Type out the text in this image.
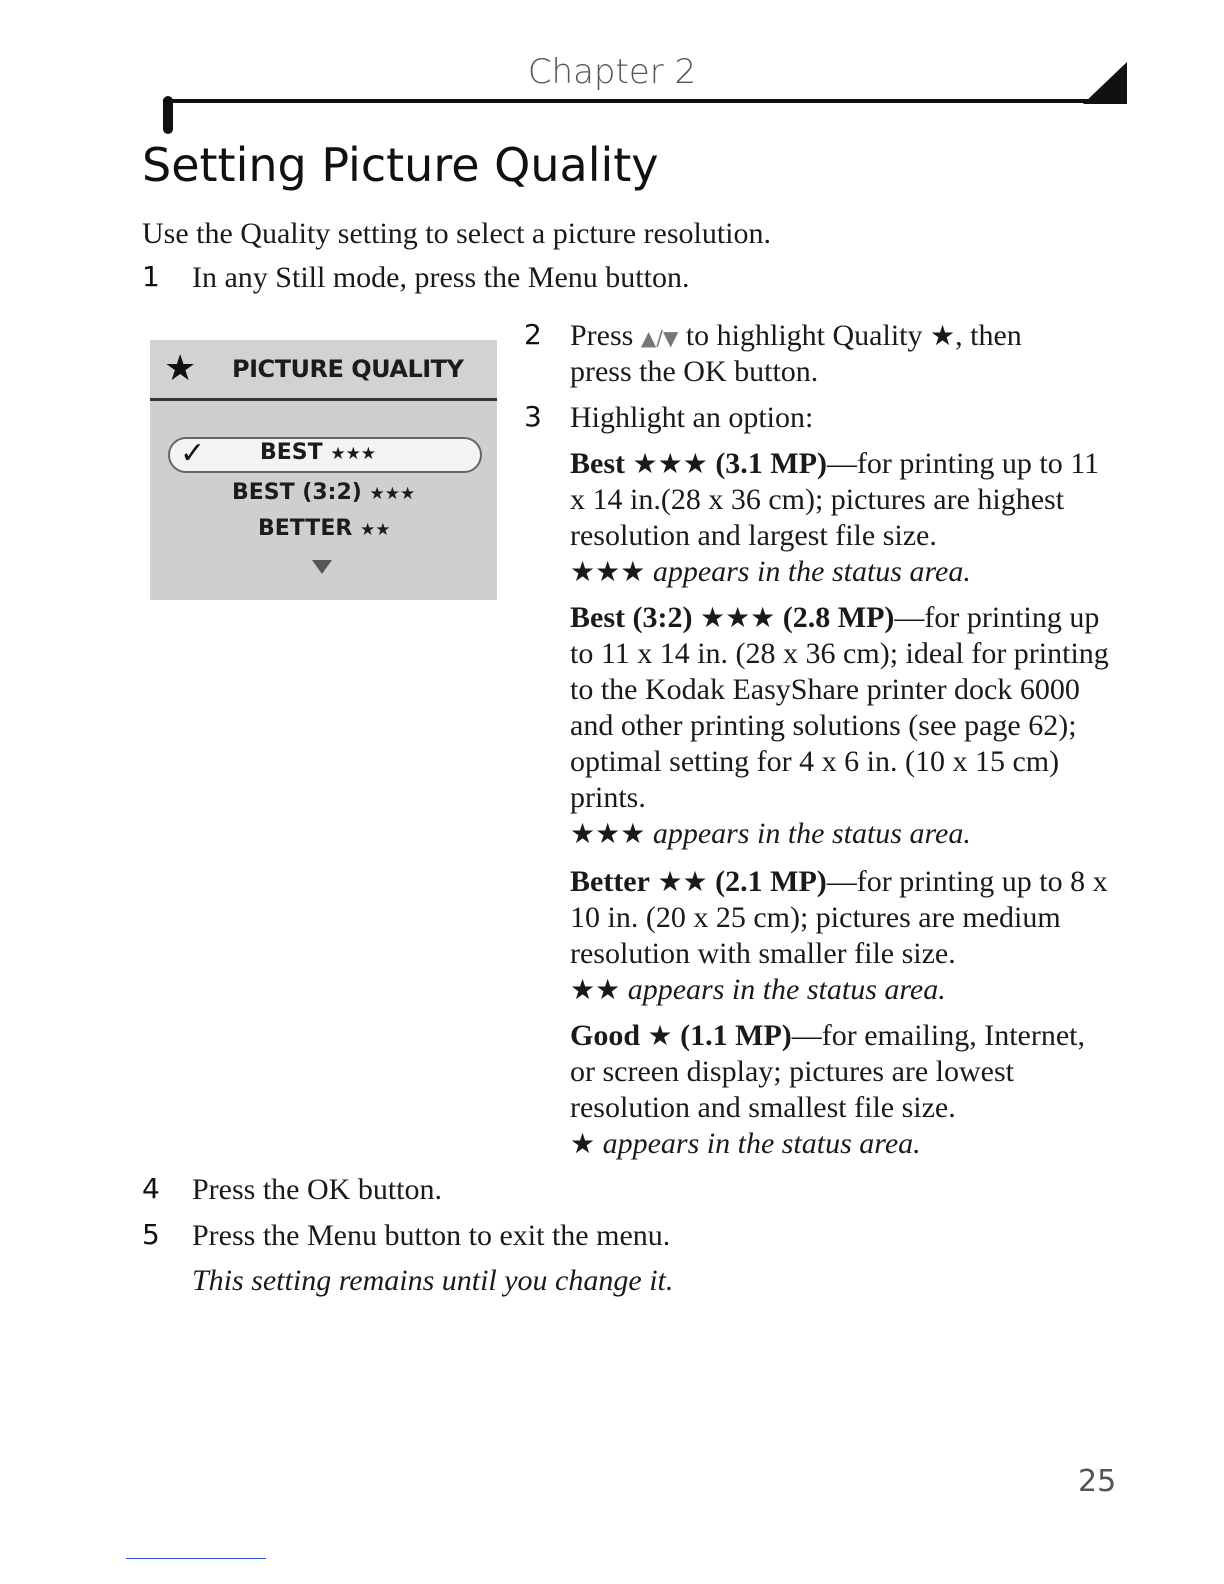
Chapter 2
Setting Picture Quality

Use the Quality setting to select a picture resolution.

1 In any Still mode, press the Menu button.
★ PICTURE QUALITY
✓ BEST ★★★
BEST (3:2) ★★★
BETTER ★★
2 Press ▲/▼ to highlight Quality ★, then
press the OK button.
3 Highlight an option:
Best ★★★ (3.1 MP)—for printing up to 11 x 14 in.(28 x 36 cm); pictures are highest resolution and largest file size.
★★★ appears in the status area.
Best (3:2) ★★★ (2.8 MP)—for printing up to 11 x 14 in. (28 x 36 cm); ideal for printing to the Kodak EasyShare printer dock 6000 and other printing solutions (see page 62); optimal setting for 4 x 6 in. (10 x 15 cm) prints.
★★★ appears in the status area.
Better ★★ (2.1 MP)—for printing up to 8 x 10 in. (20 x 25 cm); pictures are medium resolution with smaller file size.
★★ appears in the status area.
Good ★ (1.1 MP)—for emailing, Internet, or screen display; pictures are lowest resolution and smallest file size.
★ appears in the status area.
4 Press the OK button.
5 Press the Menu button to exit the menu.
This setting remains until you change it.
25
